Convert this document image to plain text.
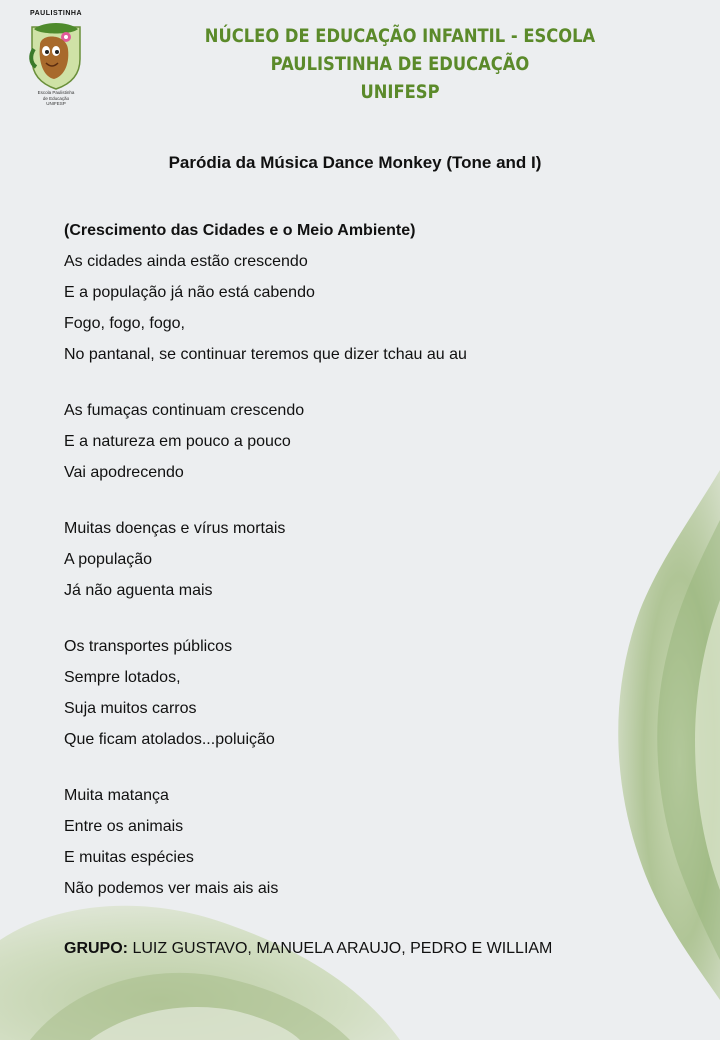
PAULISTINHA
Escola Paulistinha
de Educação
UNIFESP
NÚCLEO DE EDUCAÇÃO INFANTIL - ESCOLA PAULISTINHA DE EDUCAÇÃO
UNIFESP
Paródia da Música Dance Monkey (Tone and I)
(Crescimento das Cidades e o Meio Ambiente)
As cidades ainda estão crescendo
E a população já não está cabendo
Fogo, fogo, fogo,
No pantanal, se continuar teremos que dizer tchau au au
As fumaças continuam crescendo
E a natureza em pouco a pouco
Vai apodrecendo
Muitas doenças e vírus mortais
A população
Já não aguenta mais
Os transportes públicos
Sempre lotados,
Suja muitos carros
Que ficam atolados...poluição
Muita matança
Entre os animais
E muitas espécies
Não podemos ver mais ais ais
GRUPO: LUIZ GUSTAVO, MANUELA ARAUJO, PEDRO E WILLIAM
